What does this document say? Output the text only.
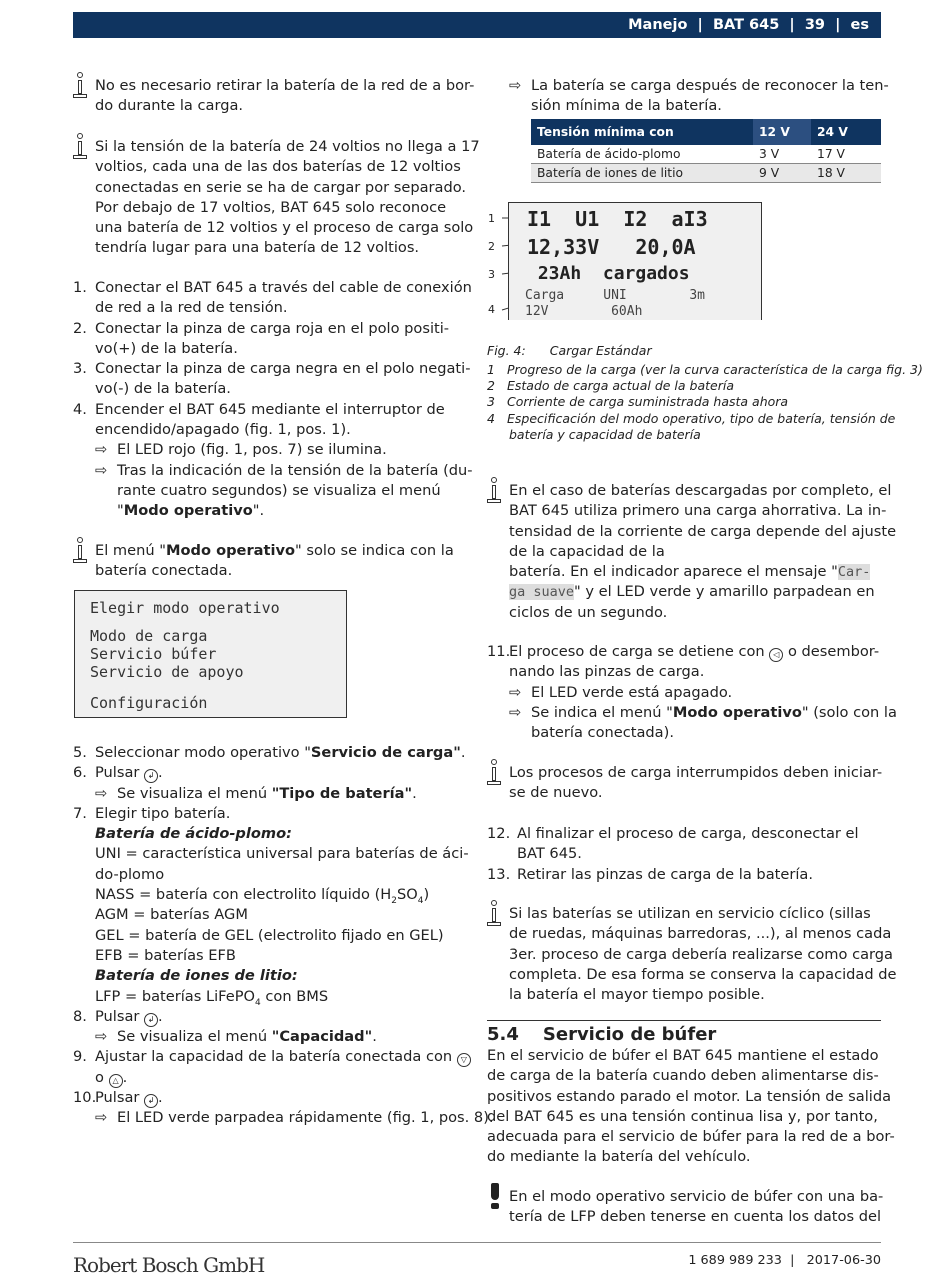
Manejo | BAT 645 | 39 | es
No es necesario retirar la batería de la red de a bor-
do durante la carga.
Si la tensión de la batería de 24 voltios no llega a 17
voltios, cada una de las dos baterías de 12 voltios
conectadas en serie se ha de cargar por separado.
Por debajo de 17 voltios, BAT 645 solo reconoce
una batería de 12 voltios y el proceso de carga solo
tendría lugar para una batería de 12 voltios.
1. Conectar el BAT 645 a través del cable de conexión
de red a la red de tensión.
2. Conectar la pinza de carga roja en el polo positi-
vo(+) de la batería.
3. Conectar la pinza de carga negra en el polo negati-
vo(-) de la batería.
4. Encender el BAT 645 mediante el interruptor de
encendido/apagado (fig. 1, pos. 1).
⇨ El LED rojo (fig. 1, pos. 7) se ilumina.
⇨ Tras la indicación de la tensión de la batería (du-
rante cuatro segundos) se visualiza el menú
"Modo operativo".
El menú "Modo operativo" solo se indica con la
batería conectada.
Elegir modo operativo
Modo de carga
Servicio búfer
Servicio de apoyo
Configuración
5. Seleccionar modo operativo "Servicio de carga".
6. Pulsar ↲ .
⇨ Se visualiza el menú "Tipo de batería".
7. Elegir tipo batería.
Batería de ácido-plomo:
UNI = característica universal para baterías de áci-
do-plomo
NASS = batería con electrolito líquido $(H_2SO_4)$
AGM = baterías AGM
GEL = batería de GEL (electrolito fijado en GEL)
EFB = baterías EFB
Batería de iones de litio:
LFP = baterías LiFePO$_4$ con BMS
8. Pulsar ↲ .
⇨ Se visualiza el menú "Capacidad".
9. Ajustar la capacidad de la batería conectada con ▽
o △ .
10.Pulsar ↲ .
⇨ El LED verde parpadea rápidamente (fig. 1, pos. 8).
⇨ La batería se carga después de reconocer la ten-
sión mínima de la batería.
Tensión mínima con	12 V	24 V
Batería de ácido-plomo	3 V	17 V
Batería de iones de litio	9 V	18 V
1
2
3
4
I1  U1  I2  aI3
12,33V   20,0A
23Ah  cargados
Carga     UNI        3m
12V        60Ah
Fig. 4: Cargar Estándar
1 Progreso de la carga (ver la curva característica de la carga fig. 3)
2 Estado de carga actual de la batería
3 Corriente de carga suministrada hasta ahora
4 Especificación del modo operativo, tipo de batería, tensión de
batería y capacidad de batería
En el caso de baterías descargadas por completo, el
BAT 645 utiliza primero una carga ahorrativa. La in-
tensidad de la corriente de carga depende del ajuste
de la capacidad de la
batería. En el indicador aparece el mensaje "Car-
ga suave" y el LED verde y amarillo parpadean en
ciclos de un segundo.
11.El proceso de carga se detiene con ◁ o desembor-
nando las pinzas de carga.
⇨ El LED verde está apagado.
⇨ Se indica el menú "Modo operativo" (solo con la
batería conectada).
Los procesos de carga interrumpidos deben iniciar-
se de nuevo.
12. Al finalizar el proceso de carga, desconectar el
BAT 645.
13. Retirar las pinzas de carga de la batería.
Si las baterías se utilizan en servicio cíclico (sillas
de ruedas, máquinas barredoras, ...), al menos cada
3er. proceso de carga debería realizarse como carga
completa. De esa forma se conserva la capacidad de
la batería el mayor tiempo posible.
5.4 Servicio de búfer
En el servicio de búfer el BAT 645 mantiene el estado
de carga de la batería cuando deben alimentarse dis-
positivos estando parado el motor. La tensión de salida
del BAT 645 es una tensión continua lisa y, por tanto,
adecuada para el servicio de búfer para la red de a bor-
do mediante la batería del vehículo.
En el modo operativo servicio de búfer con una ba-
tería de LFP deben tenerse en cuenta los datos del
Robert Bosch GmbH	1 689 989 233 | 2017-06-30
